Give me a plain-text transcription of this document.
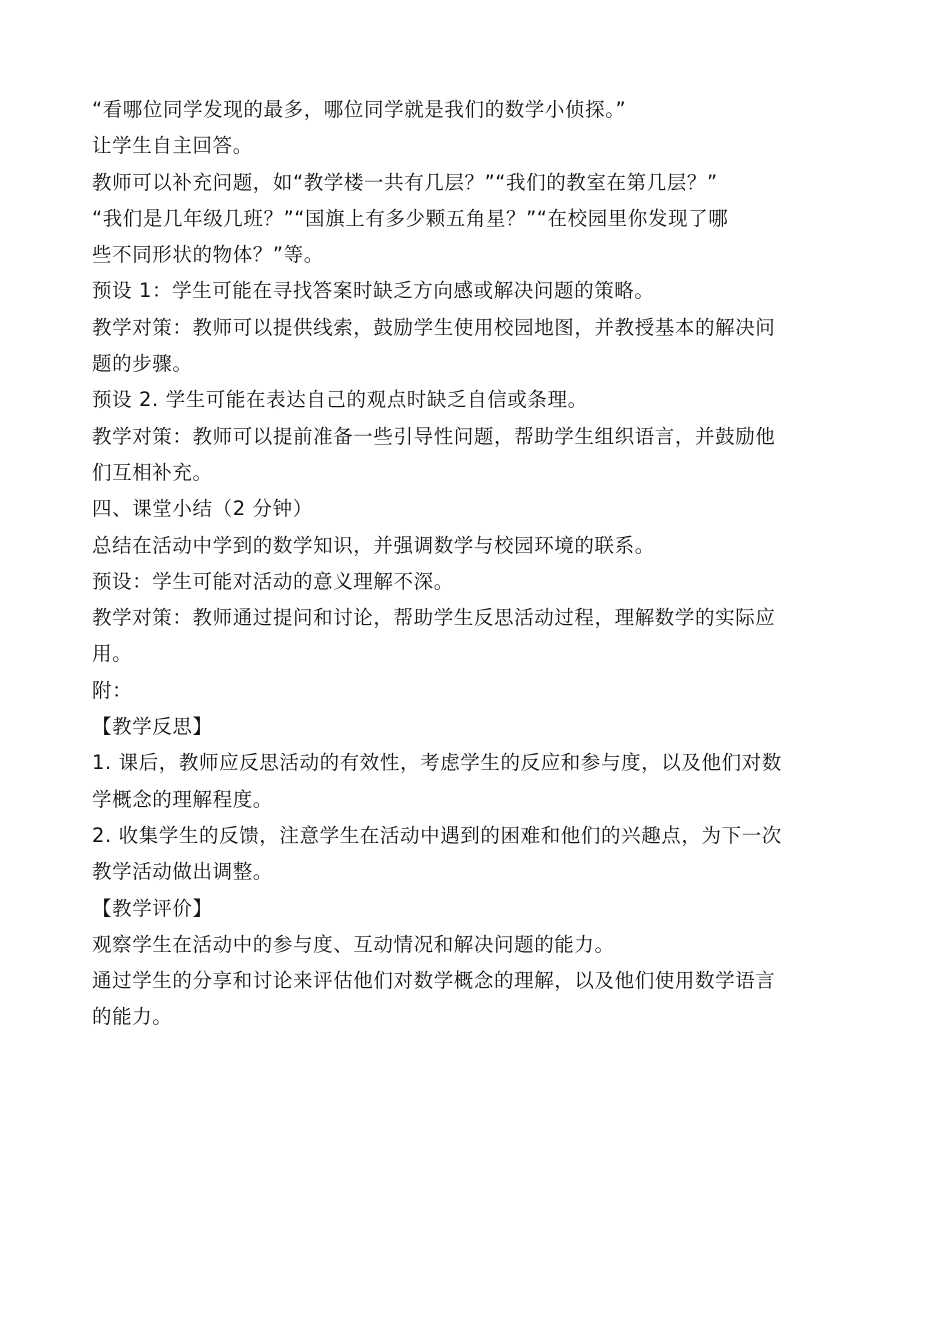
“看哪位同学发现的最多，哪位同学就是我们的数学小侦探。”

让学生自主回答。

教师可以补充问题，如“教学楼一共有几层？”“我们的教室在第几层？”

“我们是几年级几班？”“国旗上有多少颗五角星？”“在校园里你发现了哪

些不同形状的物体？”等。

预设 1：学生可能在寻找答案时缺乏方向感或解决问题的策略。

教学对策：教师可以提供线索，鼓励学生使用校园地图，并教授基本的解决问

题的步骤。

预设 2. 学生可能在表达自己的观点时缺乏自信或条理。

教学对策：教师可以提前准备一些引导性问题，帮助学生组织语言，并鼓励他

们互相补充。

四、课堂小结（2 分钟）

总结在活动中学到的数学知识，并强调数学与校园环境的联系。

预设：学生可能对活动的意义理解不深。

教学对策：教师通过提问和讨论，帮助学生反思活动过程，理解数学的实际应

用。

附：

【教学反思】

1. 课后，教师应反思活动的有效性，考虑学生的反应和参与度，以及他们对数

学概念的理解程度。

2. 收集学生的反馈，注意学生在活动中遇到的困难和他们的兴趣点，为下一次

教学活动做出调整。

【教学评价】

观察学生在活动中的参与度、互动情况和解决问题的能力。

通过学生的分享和讨论来评估他们对数学概念的理解，以及他们使用数学语言

的能力。
